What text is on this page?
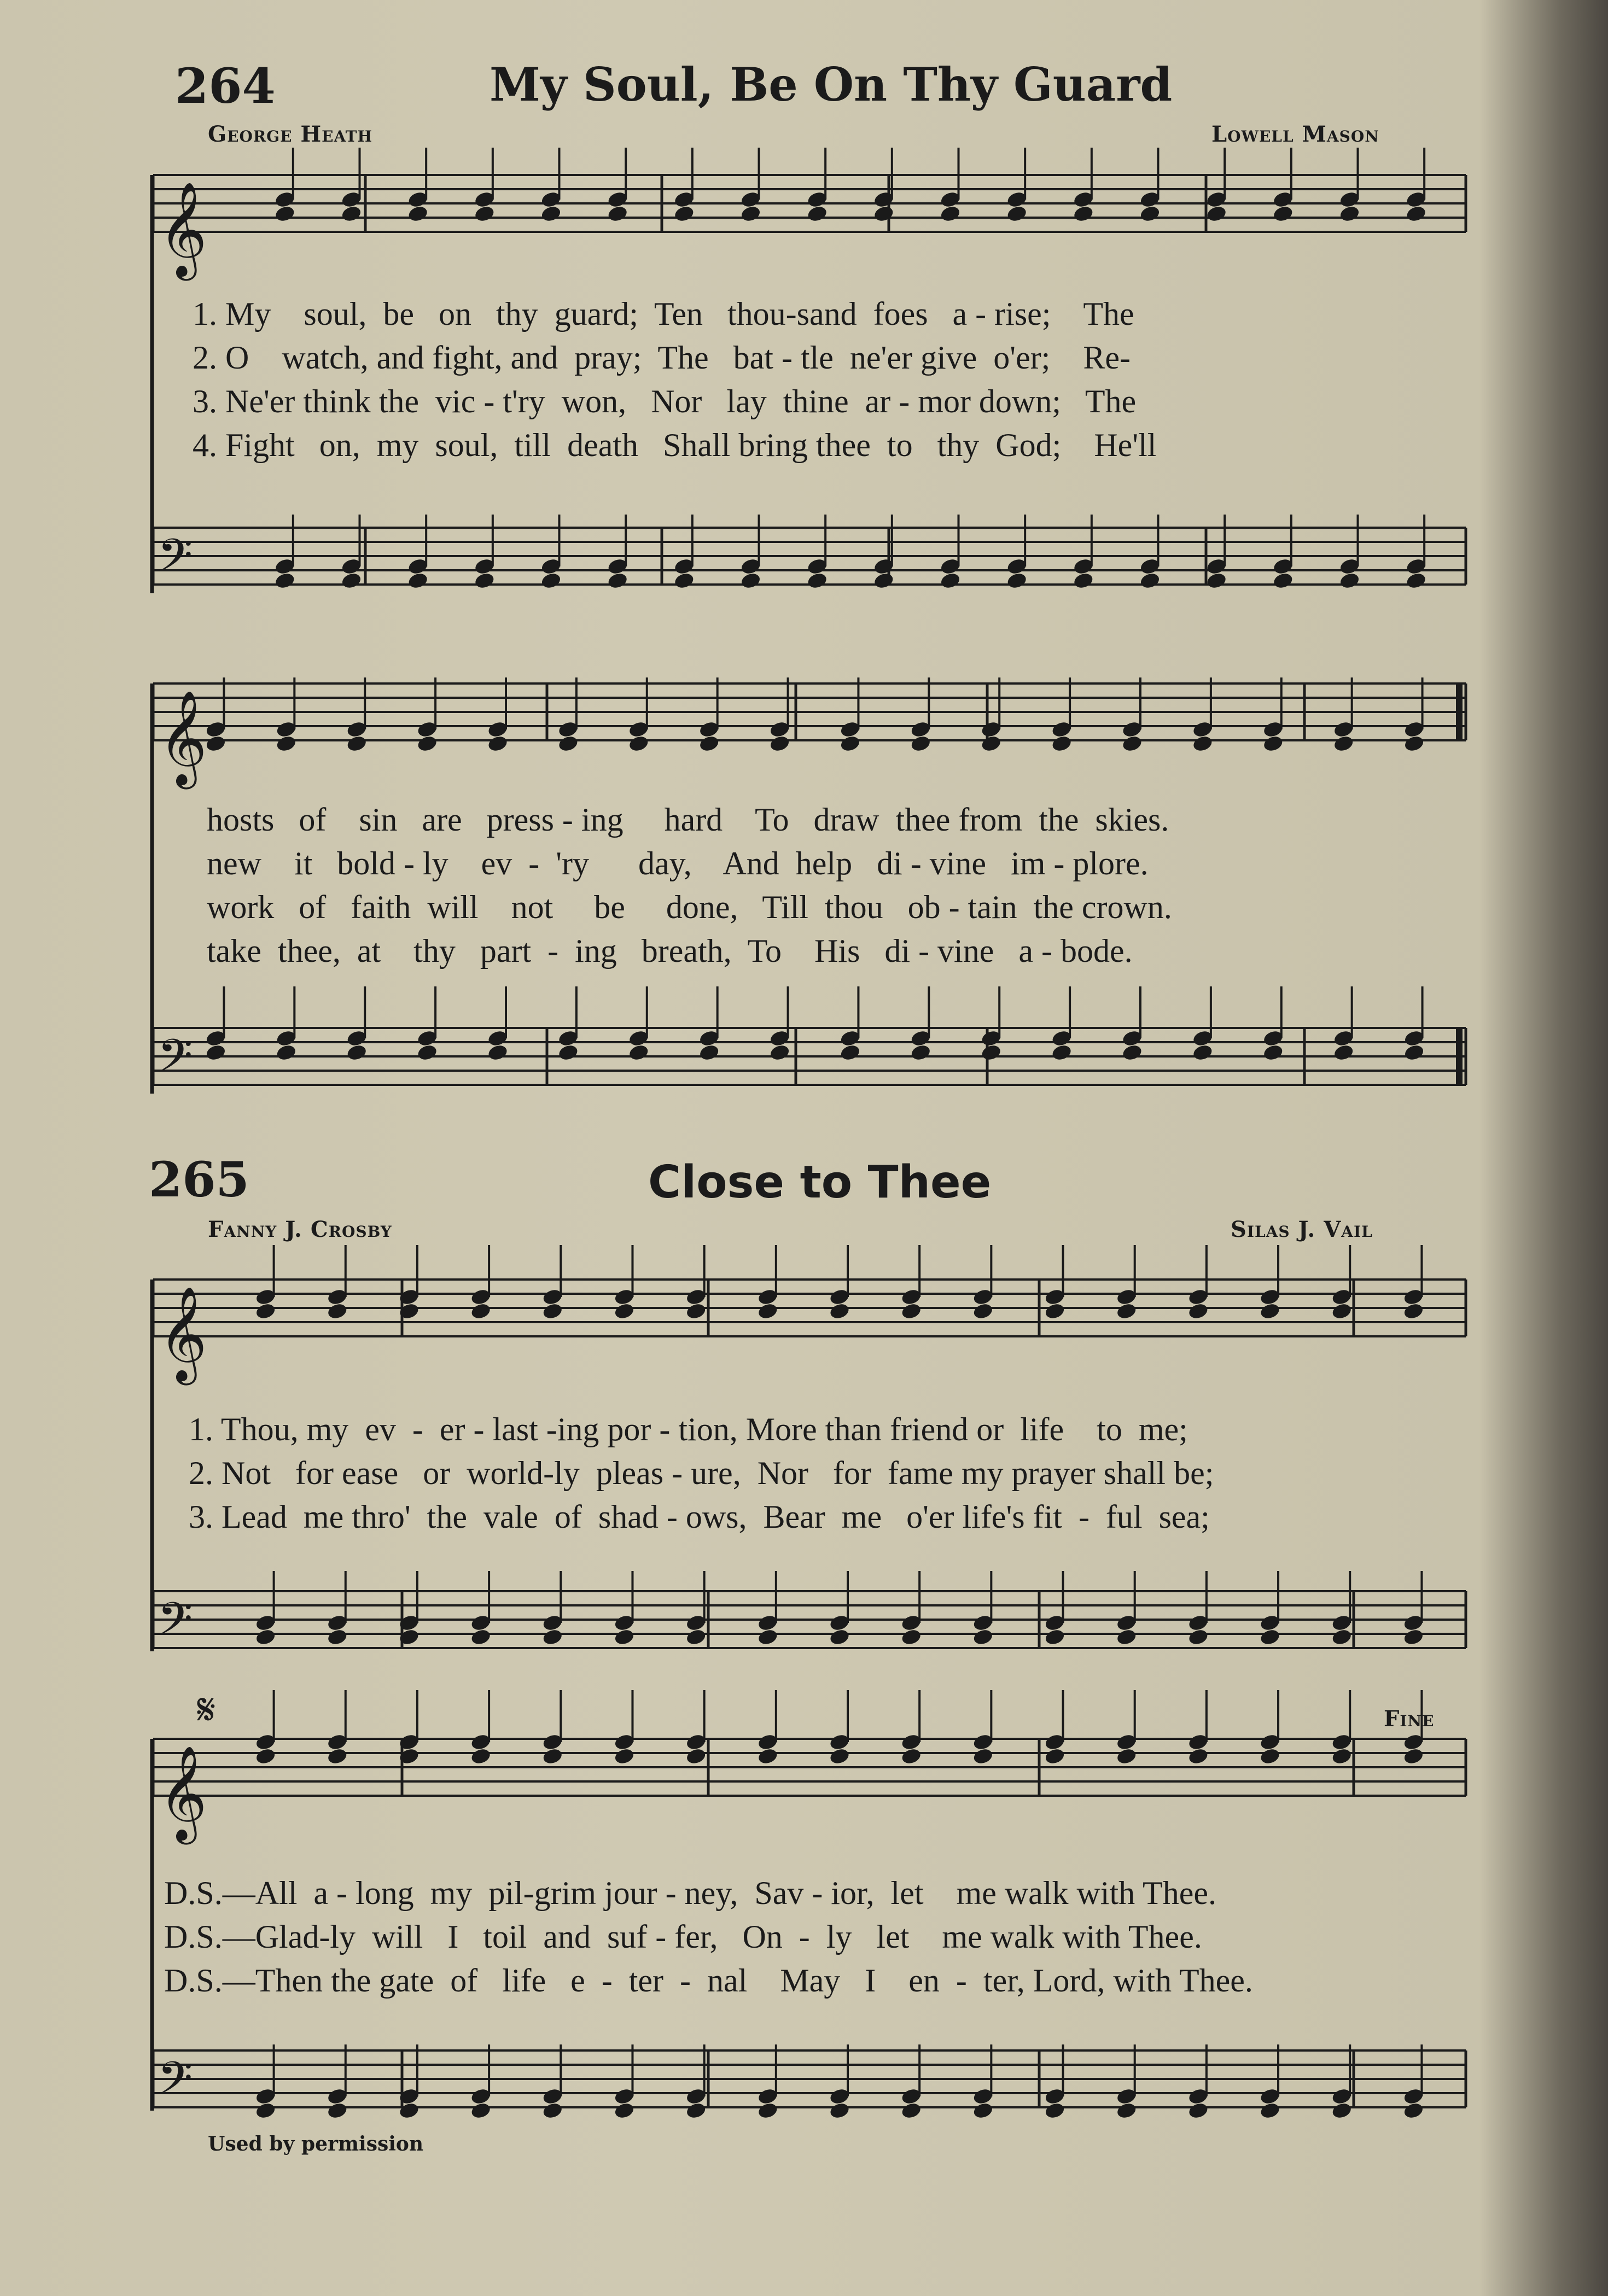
264	My Soul, Be On Thy Guard
George Heath	Lowell Mason
1. My    soul,  be   on   thy  guard;  Ten   thou-sand  foes   a - rise;    The
2. O    watch, and fight, and  pray;  The   bat - tle  ne'er give  o'er;    Re-
3. Ne'er think the  vic - t'ry  won,   Nor   lay  thine  ar - mor down;   The
4. Fight   on,  my  soul,  till  death   Shall bring thee  to   thy  God;    He'll
hosts   of    sin   are   press - ing     hard    To   draw  thee from  the  skies.
new    it   bold - ly    ev  -  'ry      day,    And  help   di - vine   im - plore.
work   of   faith  will    not     be     done,   Till  thou   ob - tain  the crown.
take  thee,  at    thy   part  -  ing   breath,  To    His   di - vine   a - bode.
265	Close to Thee
Fanny J. Crosby	Silas J. Vail
1. Thou, my  ev  -  er - last -ing por - tion, More than friend or  life    to  me;
2. Not   for ease   or  world-ly  pleas - ure,  Nor   for  fame my prayer shall be;
3. Lead  me thro'  the  vale  of  shad - ows,  Bear  me   o'er life's fit  -  ful  sea;
𝄋	Fine
D.S.—All  a - long  my  pil-grim jour - ney,  Sav - ior,  let    me walk with Thee.
D.S.—Glad-ly  will   I   toil  and  suf - fer,   On  -  ly   let    me walk with Thee.
D.S.—Then the gate  of   life   e  -  ter  -  nal    May   I    en  -  ter, Lord, with Thee.
Used by permission
𝄞
𝄢
𝄞
𝄢
𝄞
𝄢
𝄞
𝄢
